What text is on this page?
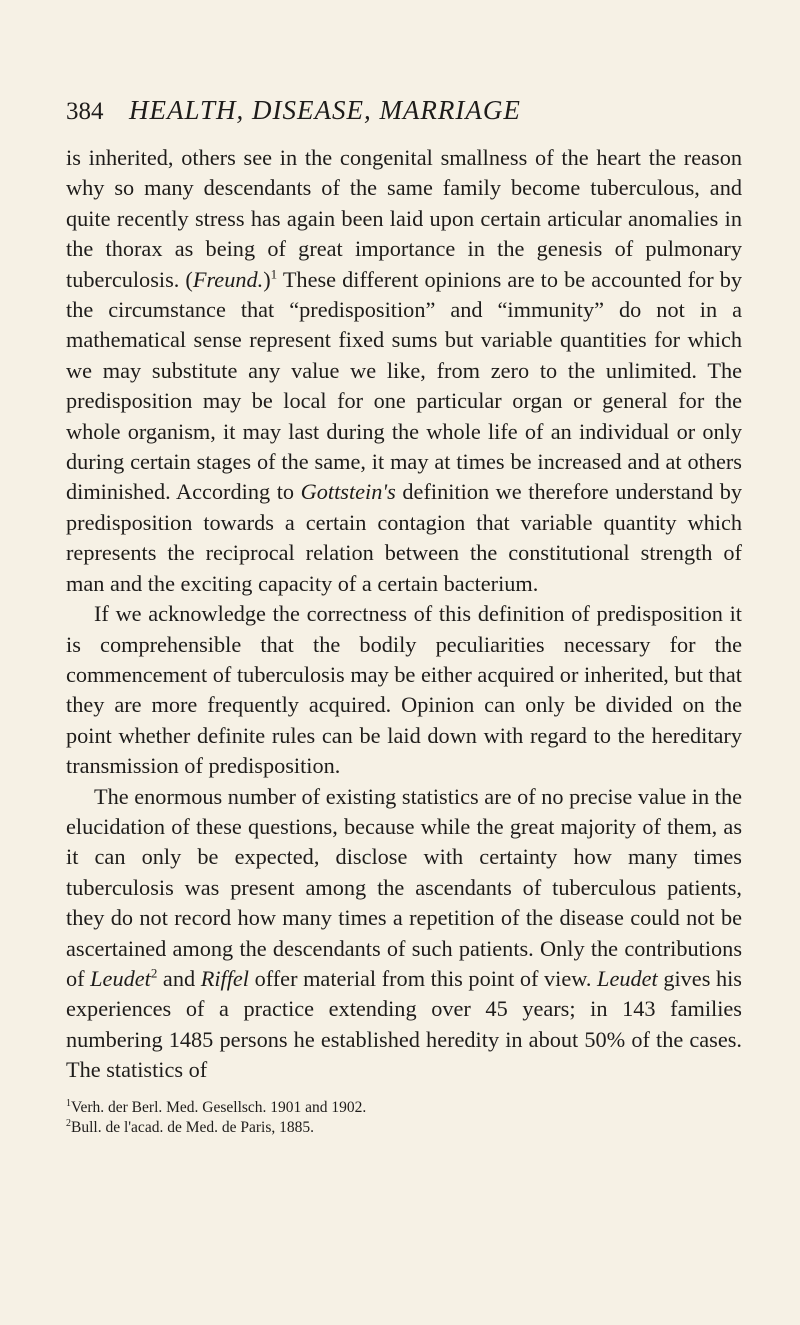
384 HEALTH, DISEASE, MARRIAGE

is inherited, others see in the congenital smallness of the heart the reason why so many descendants of the same family become tuberculous, and quite recently stress has again been laid upon certain articular anomalies in the thorax as being of great importance in the genesis of pulmonary tuberculosis. (Freund.)$^1$ These different opinions are to be accounted for by the circumstance that “predisposition” and “immunity” do not in a mathematical sense represent fixed sums but variable quantities for which we may substitute any value we like, from zero to the unlimited. The predisposition may be local for one particular organ or general for the whole organism, it may last during the whole life of an individual or only during certain stages of the same, it may at times be increased and at others diminished. According to Gottstein's definition we therefore understand by predisposition towards a certain contagion that variable quantity which represents the reciprocal relation between the constitutional strength of man and the exciting capacity of a certain bacterium.

If we acknowledge the correctness of this definition of predisposition it is comprehensible that the bodily peculiarities necessary for the commencement of tuberculosis may be either acquired or inherited, but that they are more frequently acquired. Opinion can only be divided on the point whether definite rules can be laid down with regard to the hereditary transmission of predisposition.

The enormous number of existing statistics are of no precise value in the elucidation of these questions, because while the great majority of them, as it can only be expected, disclose with certainty how many times tuberculosis was present among the ascendants of tuberculous patients, they do not record how many times a repetition of the disease could not be ascertained among the descendants of such patients. Only the contributions of Leudet$^2$ and Riffel offer material from this point of view. Leudet gives his experiences of a practice extending over 45 years; in 143 families numbering 1485 persons he established heredity in about 50% of the cases. The statistics of

$^1$Verh. der Berl. Med. Gesellsch. 1901 and 1902.
$^2$Bull. de l'acad. de Med. de Paris, 1885.
